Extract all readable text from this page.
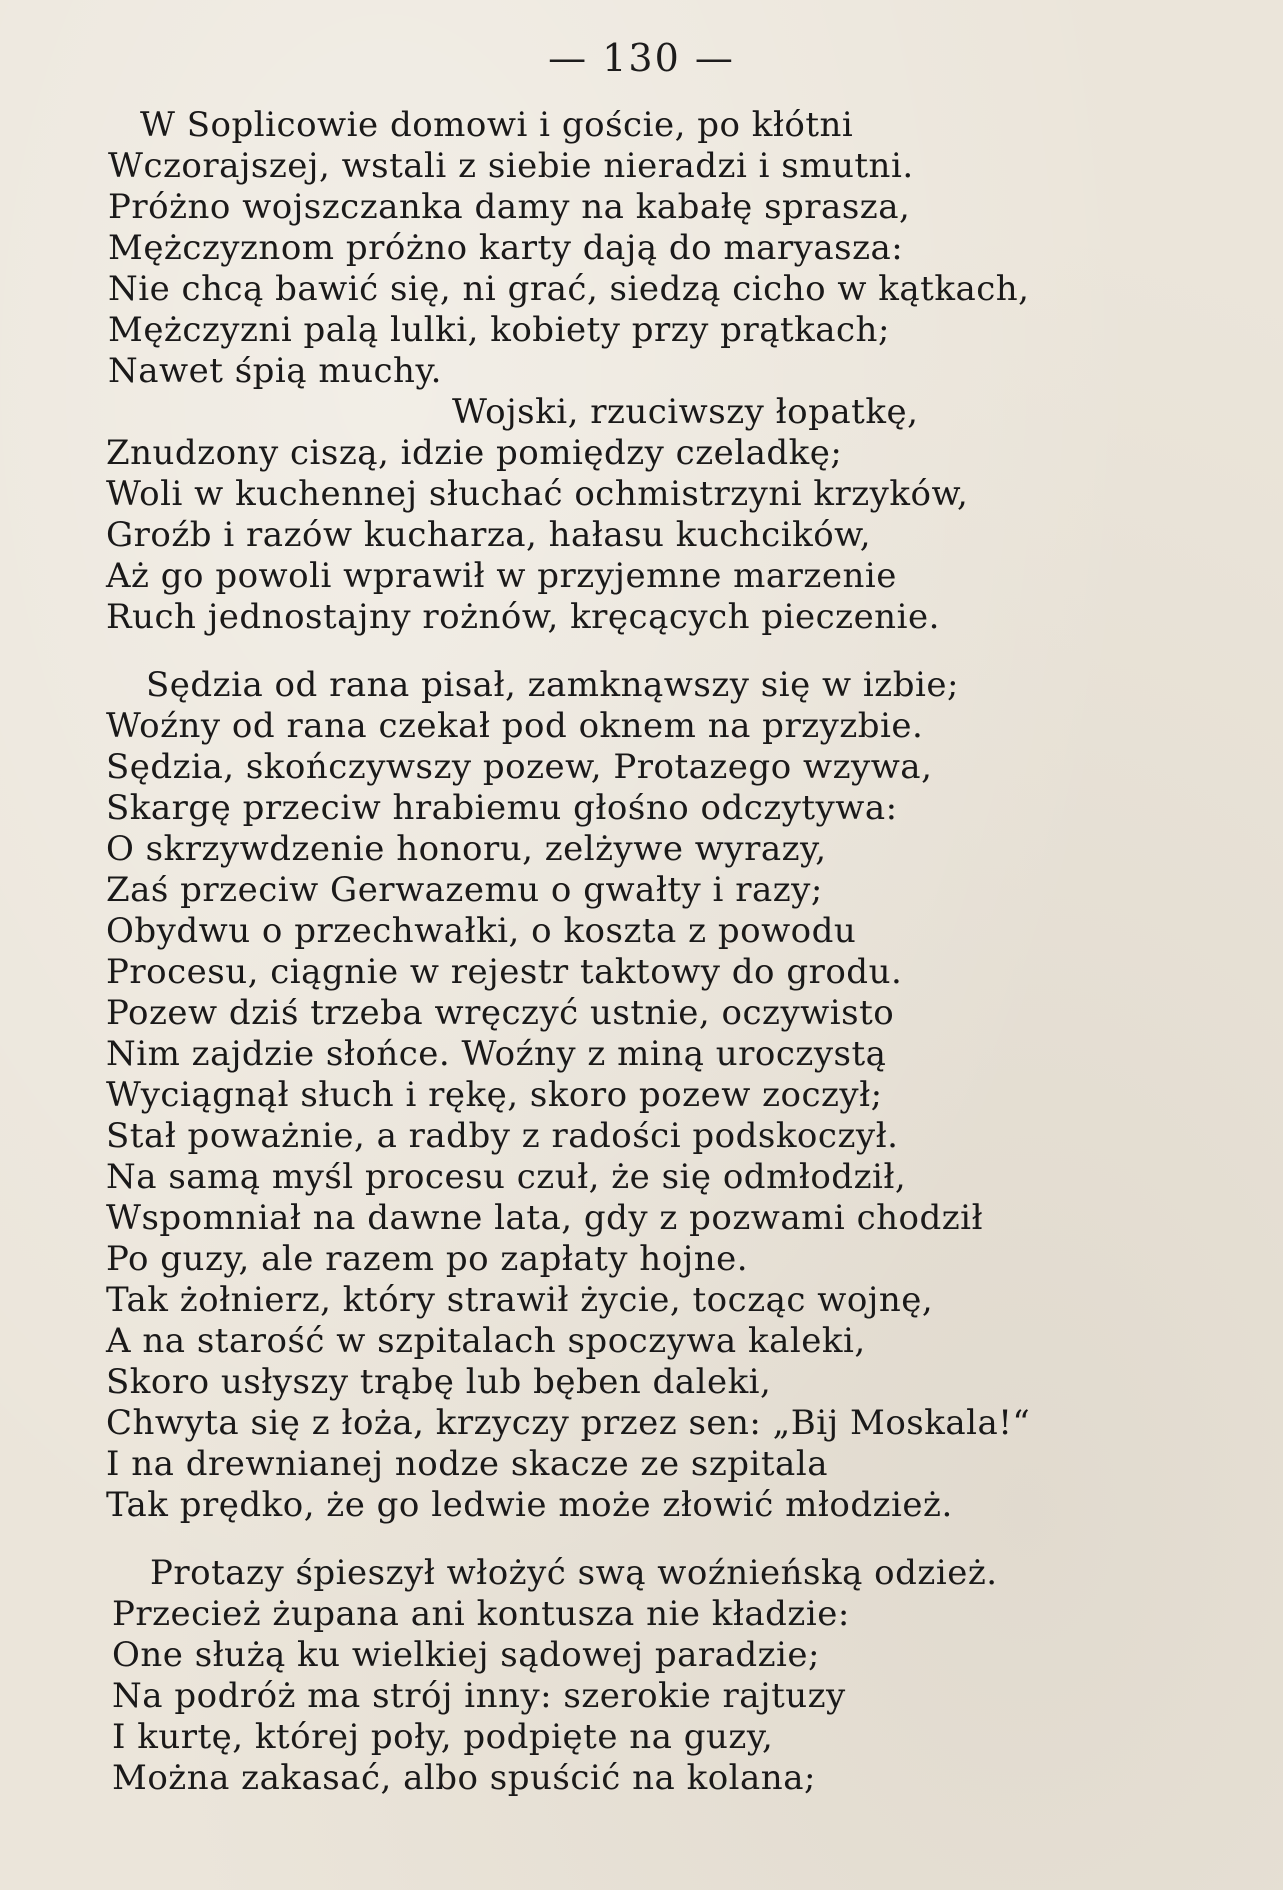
— 130 —
W Soplicowie domowi i goście, po kłótni
Wczorajszej, wstali z siebie nieradzi i smutni.
Próżno wojszczanka damy na kabałę sprasza,
Mężczyznom próżno karty dają do maryasza:
Nie chcą bawić się, ni grać, siedzą cicho w kątkach,
Mężczyzni palą lulki, kobiety przy prątkach;
Nawet śpią muchy.
Wojski, rzuciwszy łopatkę,
Znudzony ciszą, idzie pomiędzy czeladkę;
Woli w kuchennej słuchać ochmistrzyni krzyków,
Groźb i razów kucharza, hałasu kuchcików,
Aż go powoli wprawił w przyjemne marzenie
Ruch jednostajny rożnów, kręcących pieczenie.
Sędzia od rana pisał, zamknąwszy się w izbie;
Woźny od rana czekał pod oknem na przyzbie.
Sędzia, skończywszy pozew, Protazego wzywa,
Skargę przeciw hrabiemu głośno odczytywa:
O skrzywdzenie honoru, zelżywe wyrazy,
Zaś przeciw Gerwazemu o gwałty i razy;
Obydwu o przechwałki, o koszta z powodu
Procesu, ciągnie w rejestr taktowy do grodu.
Pozew dziś trzeba wręczyć ustnie, oczywisto
Nim zajdzie słońce. Woźny z miną uroczystą
Wyciągnął słuch i rękę, skoro pozew zoczył;
Stał poważnie, a radby z radości podskoczył.
Na samą myśl procesu czuł, że się odmłodził,
Wspomniał na dawne lata, gdy z pozwami chodził
Po guzy, ale razem po zapłaty hojne.
Tak żołnierz, który strawił życie, tocząc wojnę,
A na starość w szpitalach spoczywa kaleki,
Skoro usłyszy trąbę lub bęben daleki,
Chwyta się z łoża, krzyczy przez sen: „Bij Moskala!“
I na drewnianej nodze skacze ze szpitala
Tak prędko, że go ledwie może złowić młodzież.
Protazy śpieszył włożyć swą woźnieńską odzież.
Przecież żupana ani kontusza nie kładzie:
One służą ku wielkiej sądowej paradzie;
Na podróż ma strój inny: szerokie rajtuzy
I kurtę, której poły, podpięte na guzy,
Można zakasać, albo spuścić na kolana;
